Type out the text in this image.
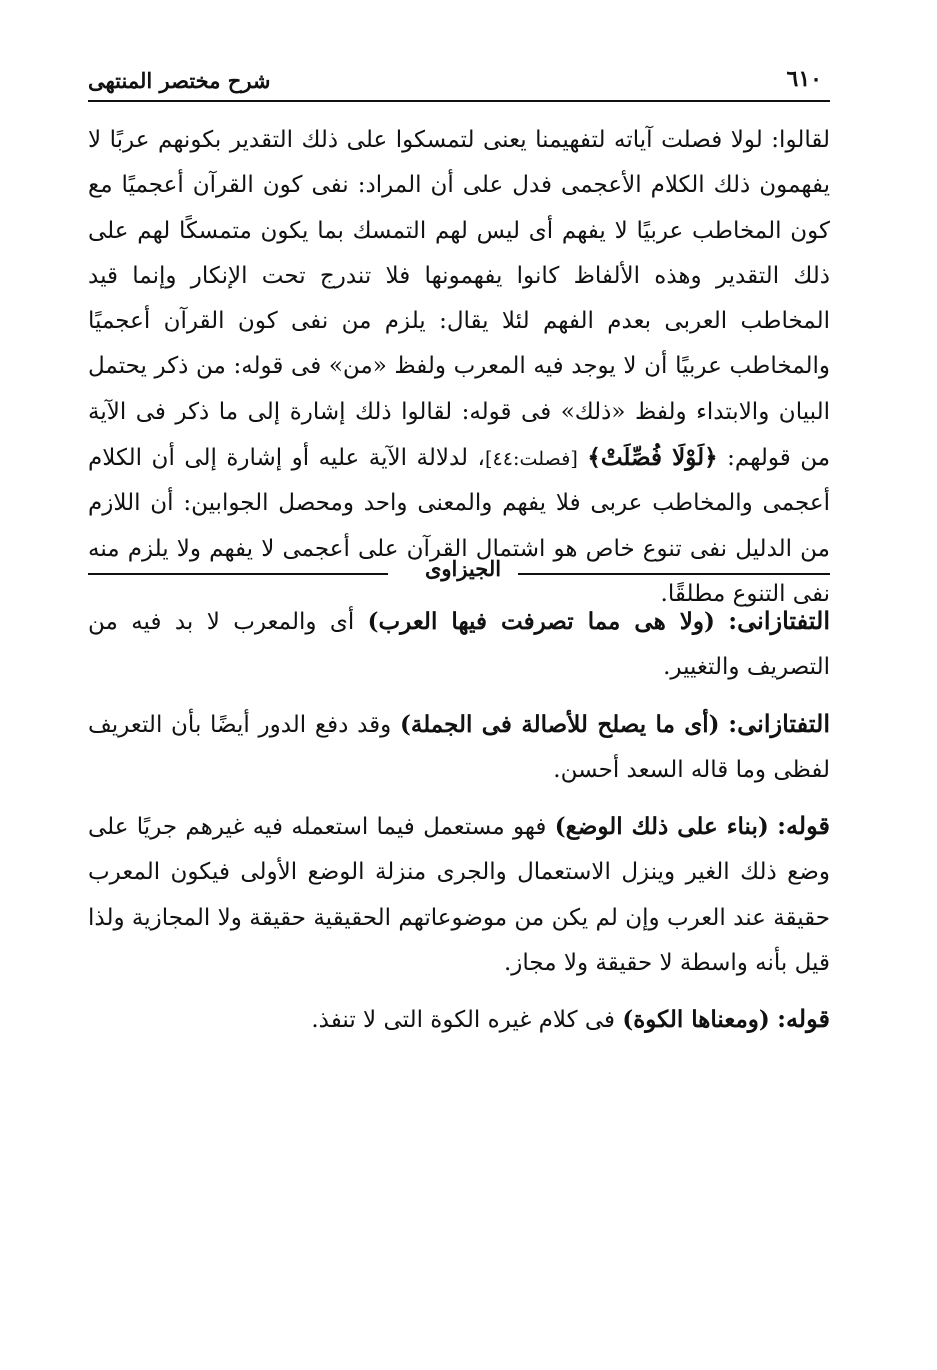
٦١٠
شرح مختصر المنتهى

لقالوا: لولا فصلت آياته لتفهيمنا يعنى لتمسكوا على ذلك التقدير بكونهم عربًا لا يفهمون ذلك الكلام الأعجمى فدل على أن المراد: نفى كون القرآن أعجميًا مع كون المخاطب عربيًا لا يفهم أى ليس لهم التمسك بما يكون متمسكًا لهم على ذلك التقدير وهذه الألفاظ كانوا يفهمونها فلا تندرج تحت الإنكار وإنما قيد المخاطب العربى بعدم الفهم لئلا يقال: يلزم من نفى كون القرآن أعجميًا والمخاطب عربيًا أن لا يوجد فيه المعرب ولفظ «من» فى قوله: من ذكر يحتمل البيان والابتداء ولفظ «ذلك» فى قوله: لقالوا ذلك إشارة إلى ما ذكر فى الآية من قولهم: ﴿لَوْلَا فُصِّلَتْ﴾ [فصلت:٤٤]، لدلالة الآية عليه أو إشارة إلى أن الكلام أعجمى والمخاطب عربى فلا يفهم والمعنى واحد ومحصل الجوابين: أن اللازم من الدليل نفى تنوع خاص هو اشتمال القرآن على أعجمى لا يفهم ولا يلزم منه نفى التنوع مطلقًا.

الجيزاوى

التفتازانى: (ولا هى مما تصرفت فيها العرب) أى والمعرب لا بد فيه من التصريف والتغيير.

التفتازانى: (أى ما يصلح للأصالة فى الجملة) وقد دفع الدور أيضًا بأن التعريف لفظى وما قاله السعد أحسن.

قوله: (بناء على ذلك الوضع) فهو مستعمل فيما استعمله فيه غيرهم جريًا على وضع ذلك الغير وينزل الاستعمال والجرى منزلة الوضع الأولى فيكون المعرب حقيقة عند العرب وإن لم يكن من موضوعاتهم الحقيقية حقيقة ولا المجازية ولذا قيل بأنه واسطة لا حقيقة ولا مجاز.

قوله: (ومعناها الكوة) فى كلام غيره الكوة التى لا تنفذ.
